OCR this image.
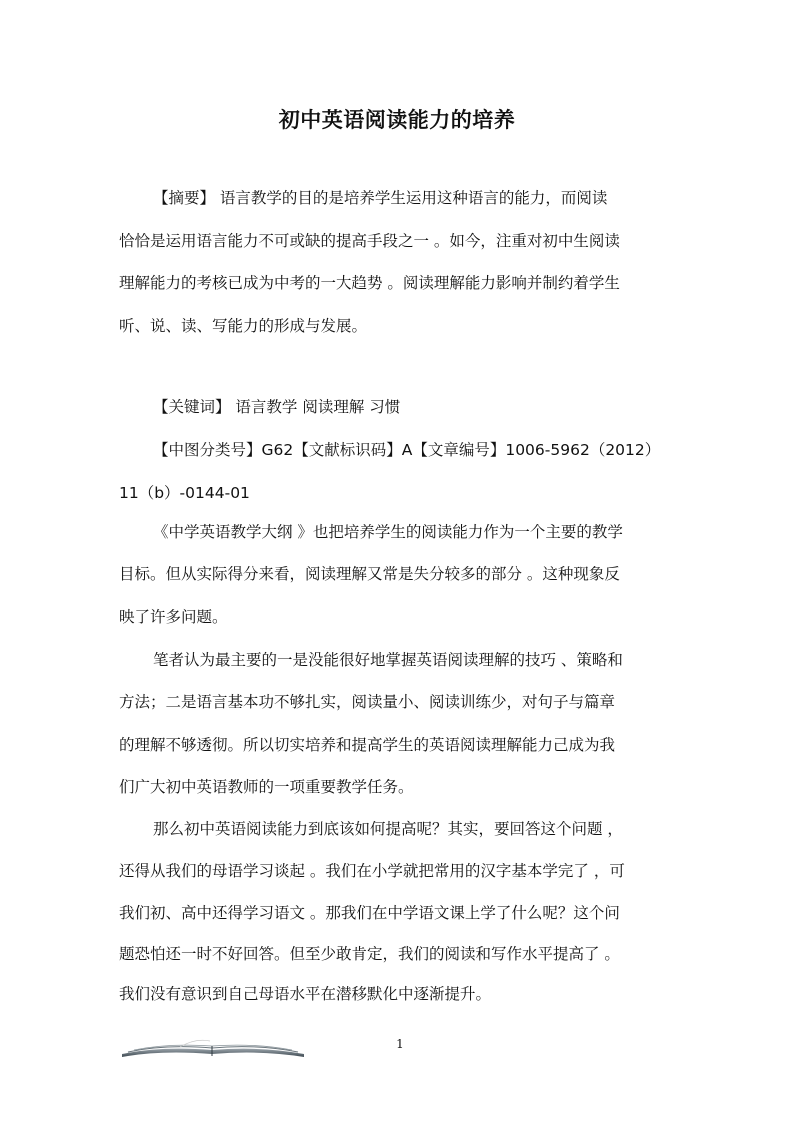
初中英语阅读能力的培养
【摘要】 语言教学的目的是培养学生运用这种语言的能力，而阅读
恰恰是运用语言能力不可或缺的提高手段之一 。如今，注重对初中生阅读
理解能力的考核已成为中考的一大趋势 。阅读理解能力影响并制约着学生
听、说、读、写能力的形成与发展。
【关键词】 语言教学 阅读理解 习惯
【中图分类号】G62【文献标识码】A【文章编号】1006-5962（2012）
11（b）-0144-01
《中学英语教学大纲 》也把培养学生的阅读能力作为一个主要的教学
目标。但从实际得分来看，阅读理解又常是失分较多的部分 。这种现象反
映了许多问题。
笔者认为最主要的一是没能很好地掌握英语阅读理解的技巧 、策略和
方法；二是语言基本功不够扎实，阅读量小、阅读训练少，对句子与篇章
的理解不够透彻。所以切实培养和提高学生的英语阅读理解能力己成为我
们广大初中英语教师的一项重要教学任务。
那么初中英语阅读能力到底该如何提高呢？其实，要回答这个问题 ，
还得从我们的母语学习谈起 。我们在小学就把常用的汉字基本学完了 ，可
我们初、高中还得学习语文 。那我们在中学语文课上学了什么呢？这个问
题恐怕还一时不好回答。但至少敢肯定，我们的阅读和写作水平提高了 。
我们没有意识到自己母语水平在潜移默化中逐渐提升。
1
